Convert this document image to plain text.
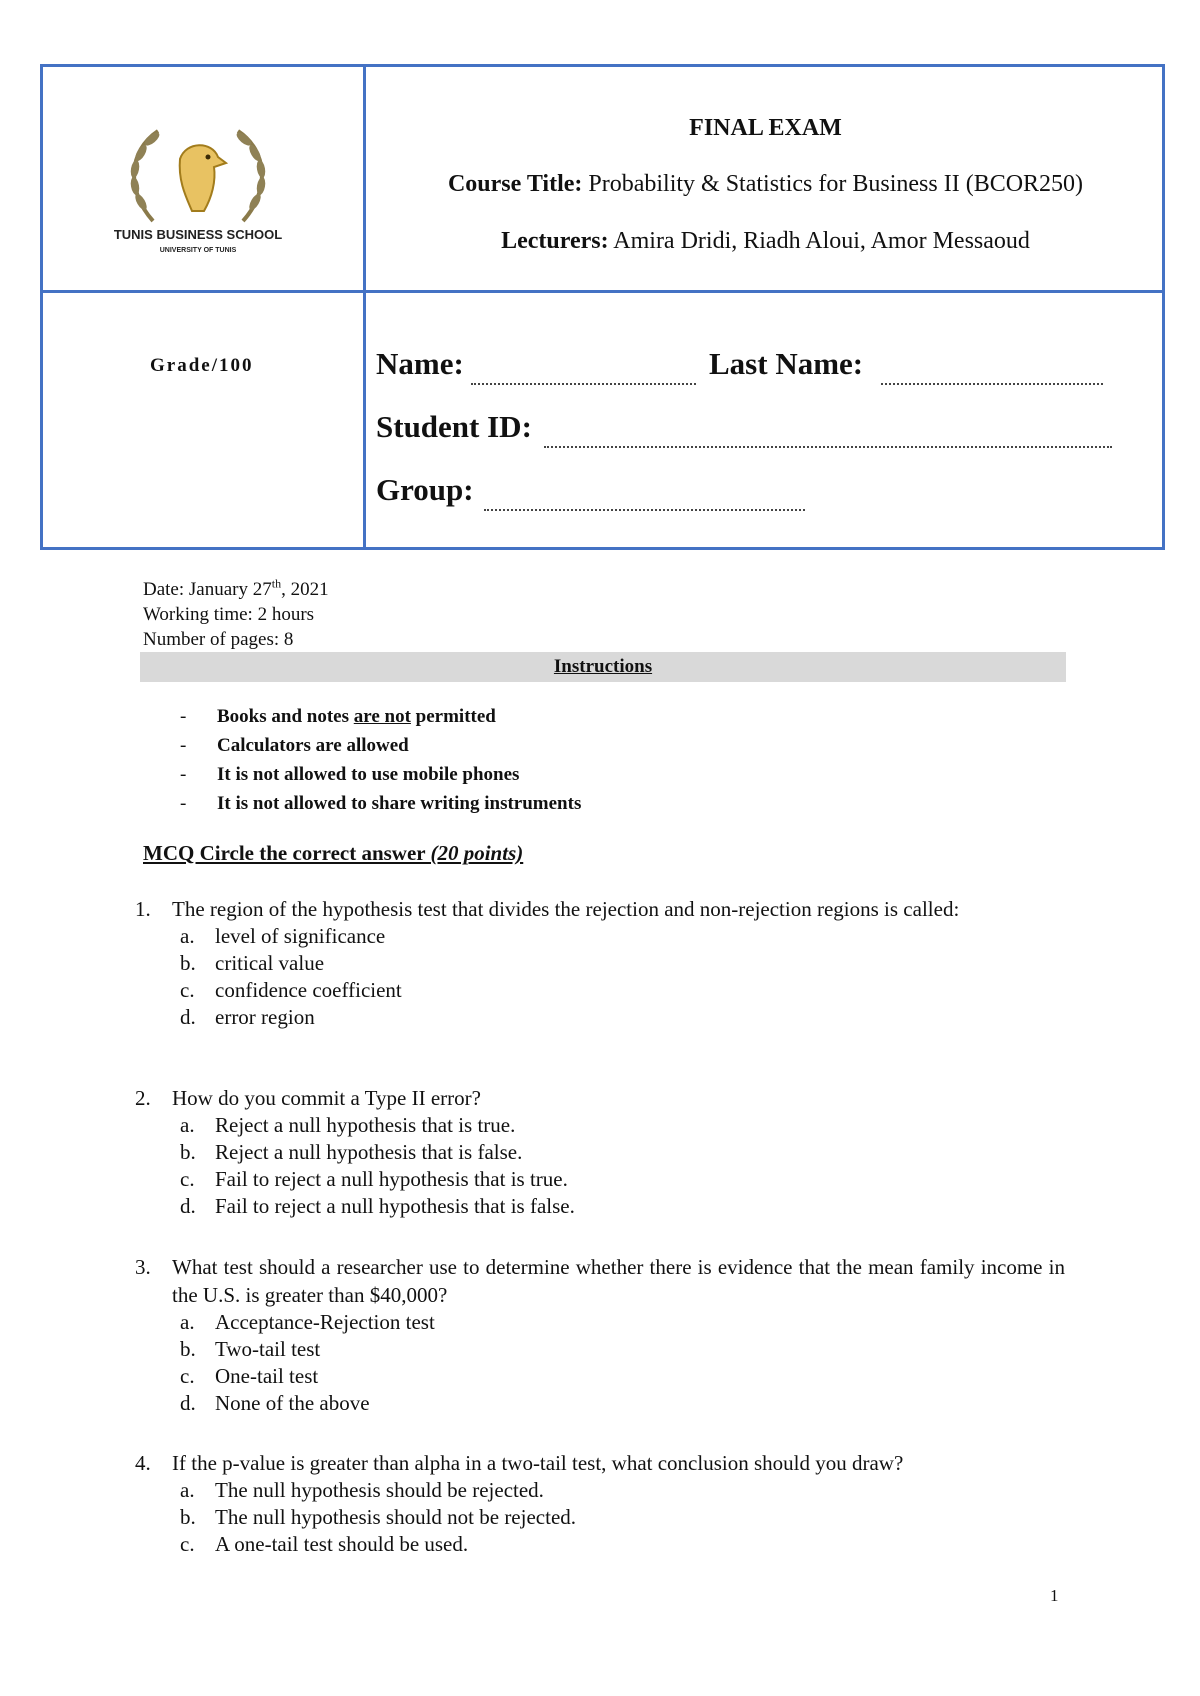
TUNIS BUSINESS SCHOOL
UNIVERSITY OF TUNIS
FINAL EXAM
Course Title: Probability & Statistics for Business II (BCOR250)
Lecturers: Amira Dridi, Riadh Aloui, Amor Messaoud
Grade/100	Name:	Last Name:
Student ID:
Group:
Date: January 27th, 2021
Working time: 2 hours
Number of pages: 8
Instructions
- Books and notes are not permitted
- Calculators are allowed
- It is not allowed to use mobile phones
- It is not allowed to share writing instruments
MCQ Circle the correct answer (20 points)
1. The region of the hypothesis test that divides the rejection and non-rejection regions is called:
a. level of significance
b. critical value
c. confidence coefficient
d. error region
2. How do you commit a Type II error?
a. Reject a null hypothesis that is true.
b. Reject a null hypothesis that is false.
c. Fail to reject a null hypothesis that is true.
d. Fail to reject a null hypothesis that is false.
3. What test should a researcher use to determine whether there is evidence that the mean family income in the U.S. is greater than $40,000?
a. Acceptance-Rejection test
b. Two-tail test
c. One-tail test
d. None of the above
4. If the p-value is greater than alpha in a two-tail test, what conclusion should you draw?
a. The null hypothesis should be rejected.
b. The null hypothesis should not be rejected.
c. A one-tail test should be used.
1
